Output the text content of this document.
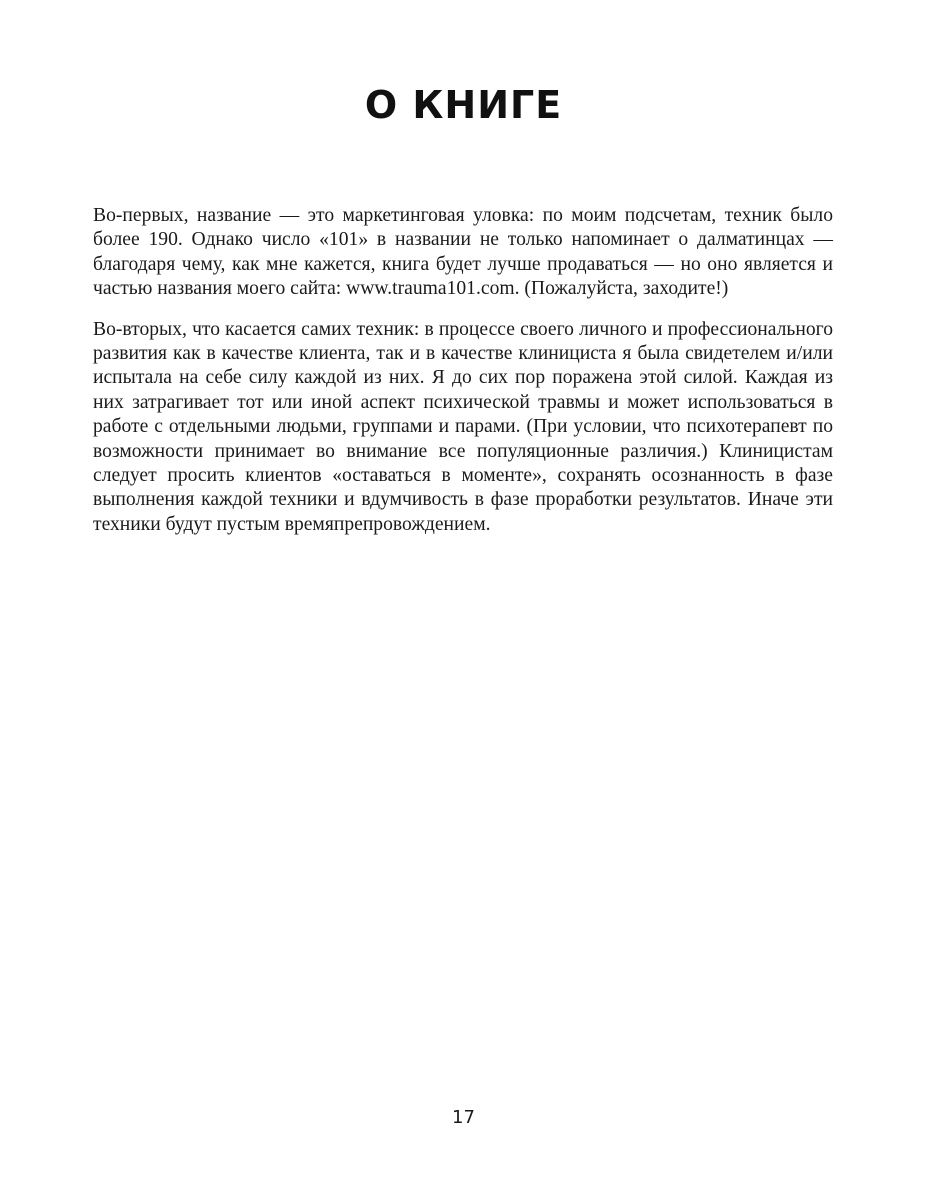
О КНИГЕ

Во-первых, название — это маркетинговая уловка: по моим подсчетам, техник было более 190. Однако число «101» в названии не только напоминает о далматинцах — благодаря чему, как мне кажется, книга будет лучше продаваться — но оно является и частью названия моего сайта: www.trauma101.com. (Пожалуйста, заходите!)

Во-вторых, что касается самих техник: в процессе своего личного и профессионального развития как в качестве клиента, так и в качестве клинициста я была свидетелем и/или испытала на себе силу каждой из них. Я до сих пор поражена этой силой. Каждая из них затрагивает тот или иной аспект психической травмы и может использоваться в работе с отдельными людьми, группами и парами. (При условии, что психотерапевт по возможности принимает во внимание все популяционные различия.) Клиницистам следует просить клиентов «оставаться в моменте», сохранять осознанность в фазе выполнения каждой техники и вдумчивость в фазе проработки результатов. Иначе эти техники будут пустым времяпрепровождением.

17
